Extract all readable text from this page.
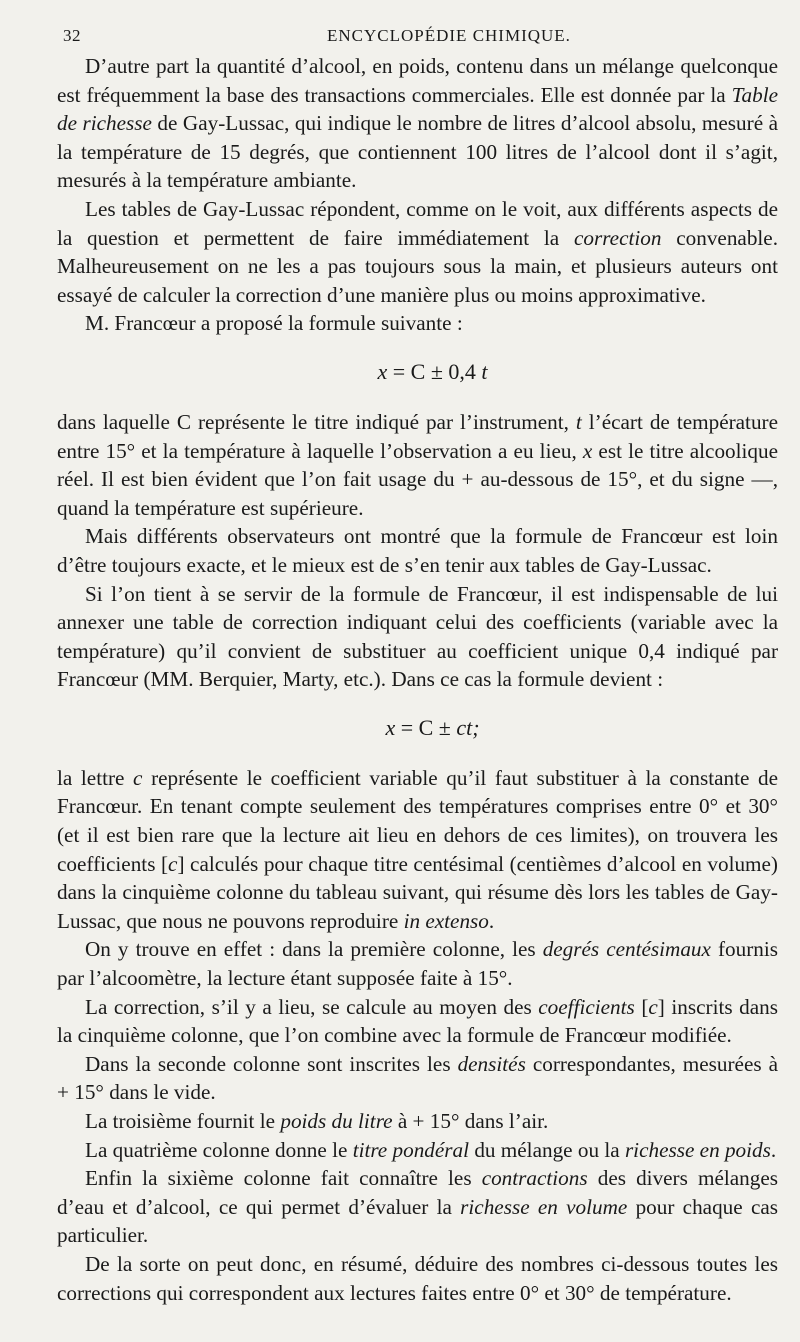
32	ENCYCLOPÉDIE CHIMIQUE.

D’autre part la quantité d’alcool, en poids, contenu dans un mélange quelconque est fréquemment la base des transactions commerciales. Elle est donnée par la Table de richesse de Gay-Lussac, qui indique le nombre de litres d’alcool absolu, mesuré à la température de 15 degrés, que contiennent 100 litres de l’alcool dont il s’agit, mesurés à la température ambiante.

Les tables de Gay-Lussac répondent, comme on le voit, aux différents aspects de la question et permettent de faire immédiatement la correction convenable. Malheureusement on ne les a pas toujours sous la main, et plusieurs auteurs ont essayé de calculer la correction d’une manière plus ou moins approximative.

M. Francœur a proposé la formule suivante :

x = C ± 0,4 t

dans laquelle C représente le titre indiqué par l’instrument, t l’écart de température entre 15° et la température à laquelle l’observation a eu lieu, x est le titre alcoolique réel. Il est bien évident que l’on fait usage du + au-dessous de 15°, et du signe —, quand la température est supérieure.

Mais différents observateurs ont montré que la formule de Francœur est loin d’être toujours exacte, et le mieux est de s’en tenir aux tables de Gay-Lussac.

Si l’on tient à se servir de la formule de Francœur, il est indispensable de lui annexer une table de correction indiquant celui des coefficients (variable avec la température) qu’il convient de substituer au coefficient unique 0,4 indiqué par Francœur (MM. Berquier, Marty, etc.). Dans ce cas la formule devient :

x = C ± ct;

la lettre c représente le coefficient variable qu’il faut substituer à la constante de Francœur. En tenant compte seulement des températures comprises entre 0° et 30° (et il est bien rare que la lecture ait lieu en dehors de ces limites), on trouvera les coefficients [c] calculés pour chaque titre centésimal (centièmes d’alcool en volume) dans la cinquième colonne du tableau suivant, qui résume dès lors les tables de Gay-Lussac, que nous ne pouvons reproduire in extenso.

On y trouve en effet : dans la première colonne, les degrés centésimaux fournis par l’alcoomètre, la lecture étant supposée faite à 15°.

La correction, s’il y a lieu, se calcule au moyen des coefficients [c] inscrits dans la cinquième colonne, que l’on combine avec la formule de Francœur modifiée.

Dans la seconde colonne sont inscrites les densités correspondantes, mesurées à + 15° dans le vide.

La troisième fournit le poids du litre à + 15° dans l’air.

La quatrième colonne donne le titre pondéral du mélange ou la richesse en poids.

Enfin la sixième colonne fait connaître les contractions des divers mélanges d’eau et d’alcool, ce qui permet d’évaluer la richesse en volume pour chaque cas particulier.

De la sorte on peut donc, en résumé, déduire des nombres ci-dessous toutes les corrections qui correspondent aux lectures faites entre 0° et 30° de température.
